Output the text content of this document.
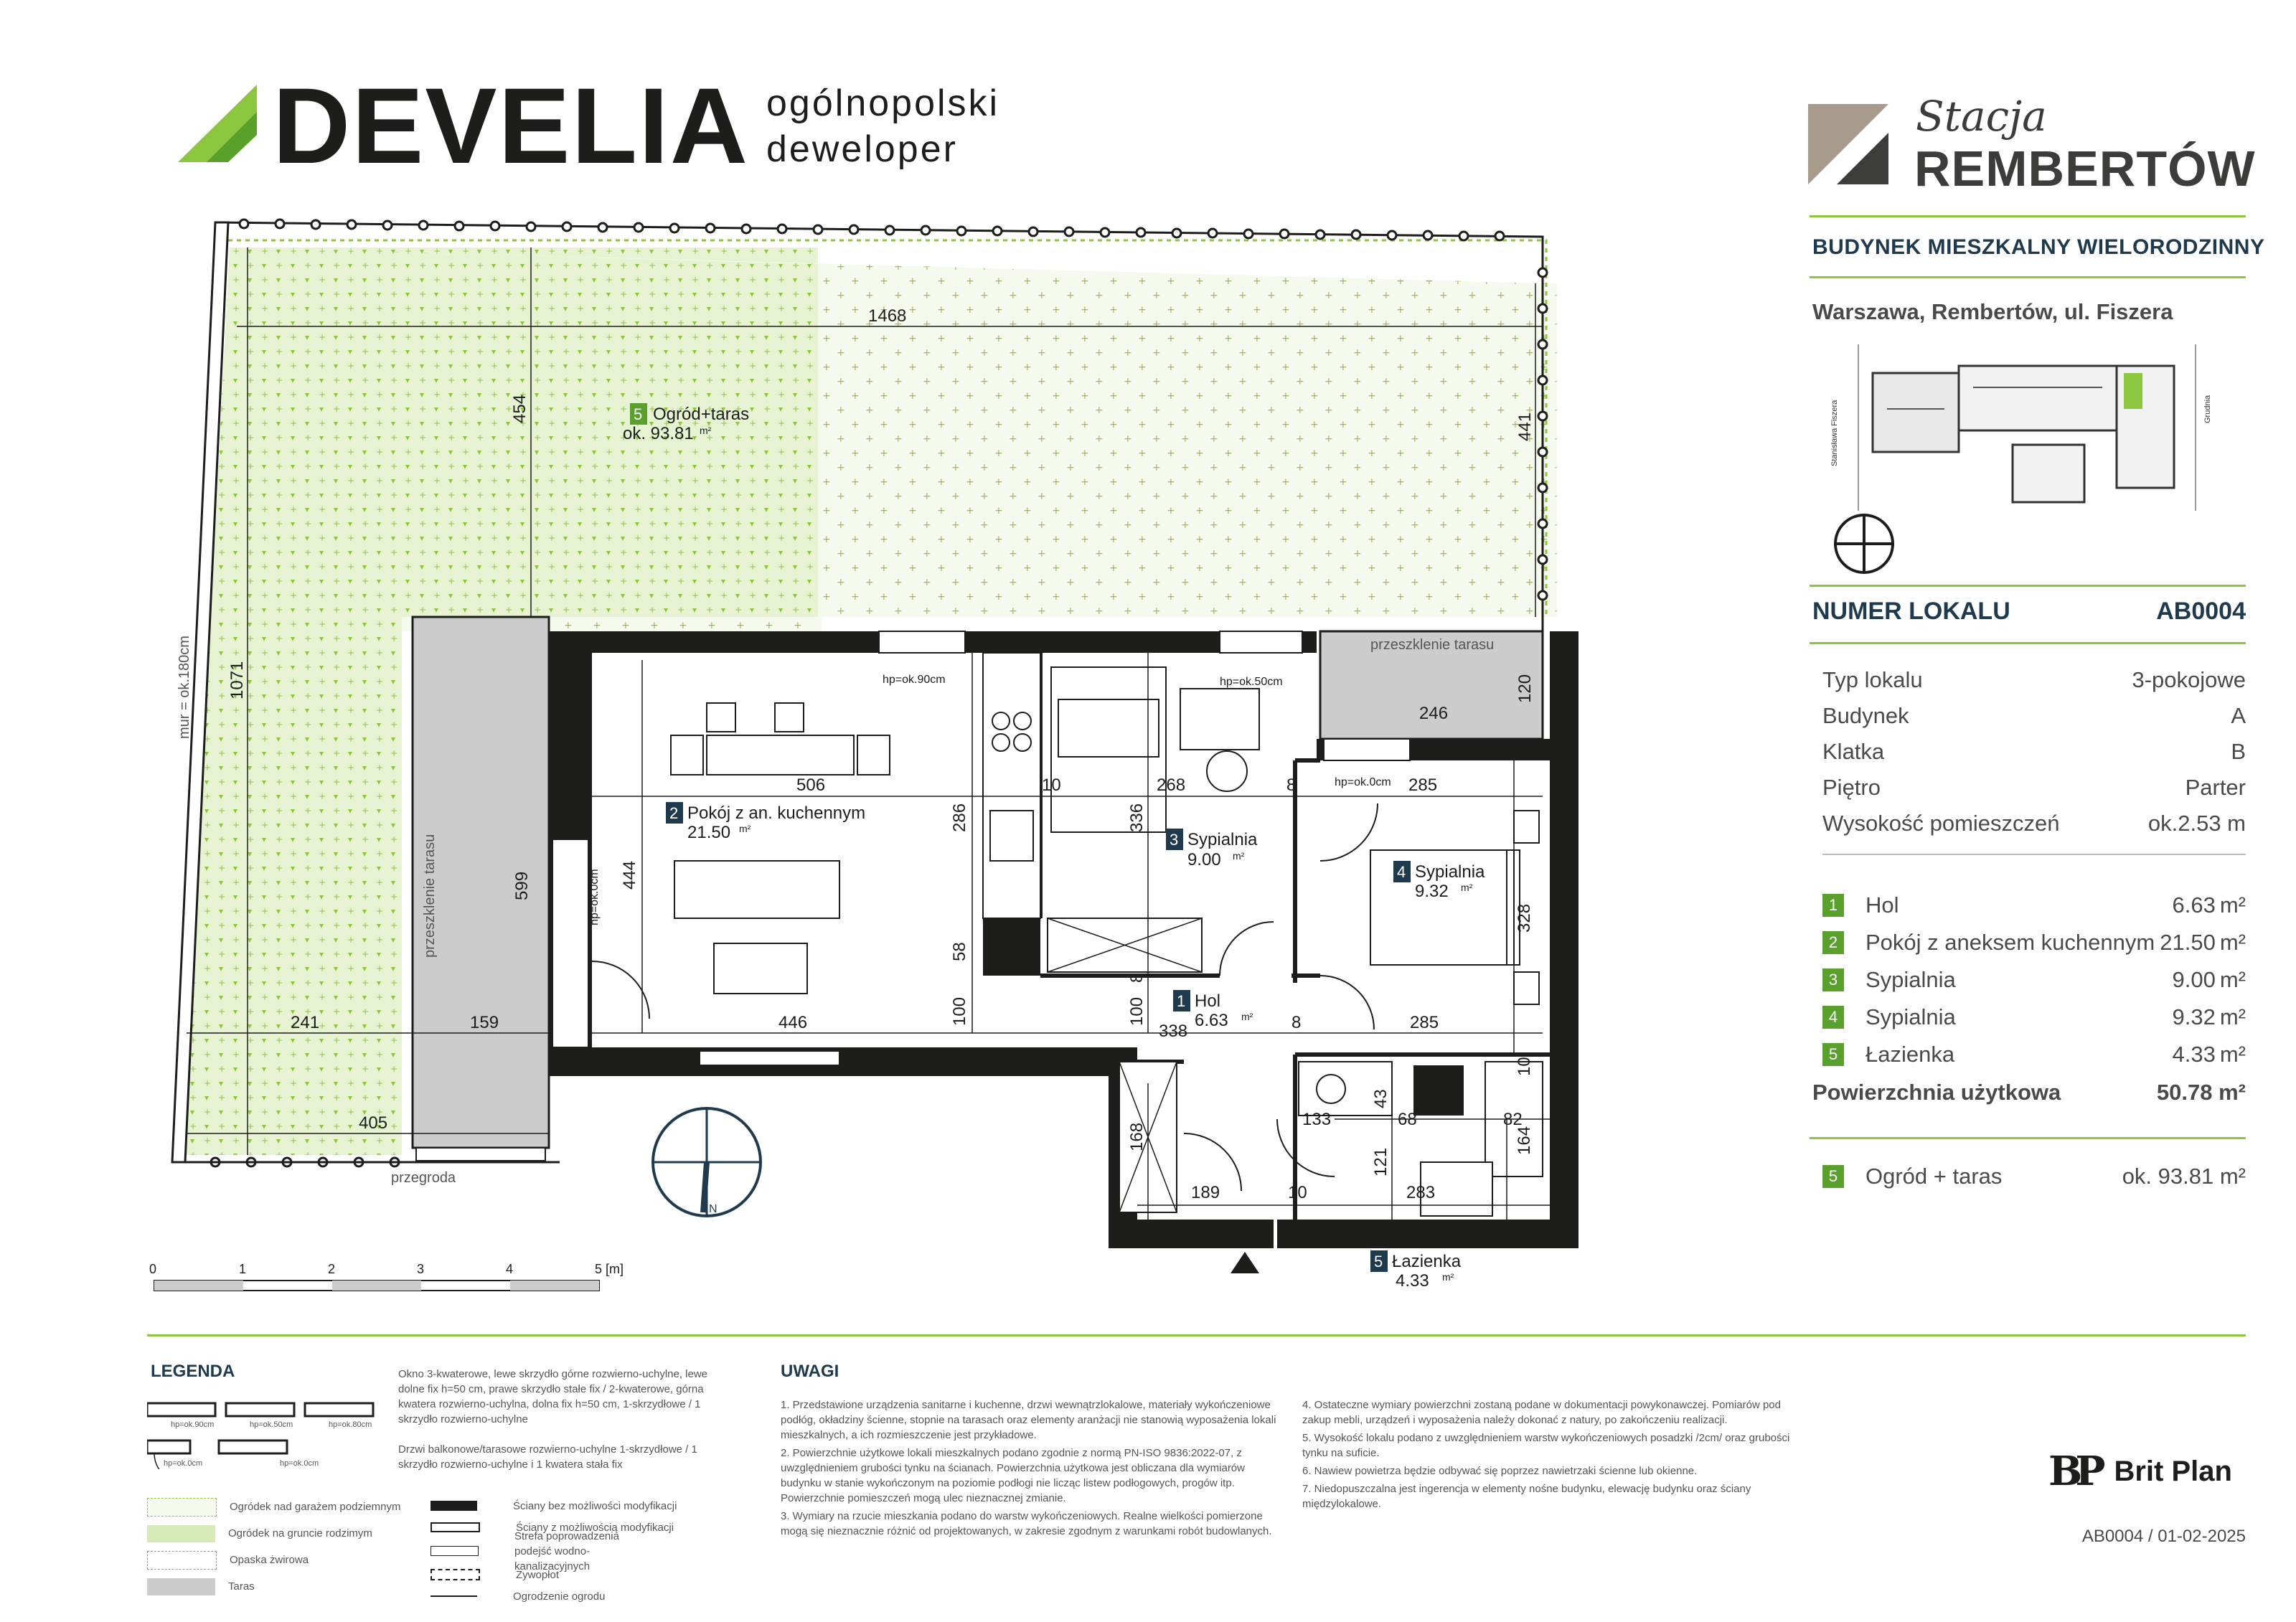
DEVELIA ogólnopolski
deweloper
Stacja
REMBERTÓW
BUDYNEK MIESZKALNY WIELORODZINNY
Warszawa, Rembertów, ul. Fiszera
Stanisława Fiszera	Grudnia
NUMER LOKALU	AB0004
Typ lokalu	3-pokojowe
Budynek	A
Klatka	B
Piętro	Parter
Wysokość pomieszczeń	ok.2.53 m
1 Hol	6.63 m²
2 Pokój z aneksem kuchennym 21.50 m²
3 Sypialnia	9.00 m²
4 Sypialnia	9.32 m²
5 Łazienka	4.33 m²
Powierzchnia użytkowa	50.78 m²
5 Ogród + taras	ok. 93.81 m²
1468
454
441
1071
599
506	10	268	8	285
246
120
286	336
444
328
58
100	100
446	338	8	285
241	159
405	168
189	10	283
121
133
43
68	82
164
10
8
hp=ok.90cm	hp=ok.50cm
hp=ok.0cm
hp=ok.0cm
przeszklenie tarasu
przeszklenie tarasu
mur = ok.180cm
przegroda
5 Ogród+taras
ok. 93.81 m²
2 Pokój z an. kuchennym
21.50 m²
3 Sypialnia
9.00 m²
4 Sypialnia
9.32 m²
1 Hol
6.63 m²
5 Łazienka
4.33 m²
N
0	1	2	3	4	5 [m]
LEGENDA
hp=ok.90cm	hp=ok.50cm	hp=ok.80cm
hp=ok.0cm	hp=ok.0cm
Okno 3-kwaterowe, lewe skrzydło górne rozwierno-uchylne, lewe dolne fix h=50 cm, prawe skrzydło stałe fix / 2-kwaterowe, górna kwatera rozwierno-uchylna, dolna fix h=50 cm, 1-skrzydłowe / 1 skrzydło rozwierno-uchylne
Drzwi balkonowe/tarasowe rozwierno-uchylne 1-skrzydłowe / 1 skrzydło rozwierno-uchylne i 1 kwatera stała fix
Ogródek nad garażem podziemnym
Ogródek na gruncie rodzimym
Opaska żwirowa
Taras
Ściany bez możliwości modyfikacji
Ściany z możliwością modyfikacji
Strefa poprowadzenia podejść wodno-kanalizacyjnych
Żywopłot
Ogrodzenie ogrodu
UWAGI
1. Przedstawione urządzenia sanitarne i kuchenne, drzwi wewnątrzlokalowe, materiały wykończeniowe podłóg, okładziny ścienne, stopnie na tarasach oraz elementy aranżacji nie stanowią wyposażenia lokali mieszkalnych, a ich rozmieszczenie jest przykładowe.
2. Powierzchnie użytkowe lokali mieszkalnych podano zgodnie z normą PN-ISO 9836:2022-07, z uwzględnieniem grubości tynku na ścianach. Powierzchnia użytkowa jest obliczana dla wymiarów budynku w stanie wykończonym na poziomie podłogi nie licząc listew podłogowych, progów itp. Powierzchnie pomieszczeń mogą ulec nieznacznej zmianie.
3. Wymiary na rzucie mieszkania podano do warstw wykończeniowych. Realne wielkości pomierzone mogą się nieznacznie różnić od projektowanych, w zakresie zgodnym z warunkami robót budowlanych.
4. Ostateczne wymiary powierzchni zostaną podane w dokumentacji powykonawczej. Pomiarów pod zakup mebli, urządzeń i wyposażenia należy dokonać z natury, po zakończeniu realizacji.
5. Wysokość lokalu podano z uwzględnieniem warstw wykończeniowych posadzki /2cm/ oraz grubości tynku na suficie.
6. Nawiew powietrza będzie odbywać się poprzez nawietrzaki ścienne lub okienne.
7. Niedopuszczalna jest ingerencja w elementy nośne budynku, elewację budynku oraz ściany międzylokalowe.
BP Brit Plan
AB0004 / 01-02-2025
